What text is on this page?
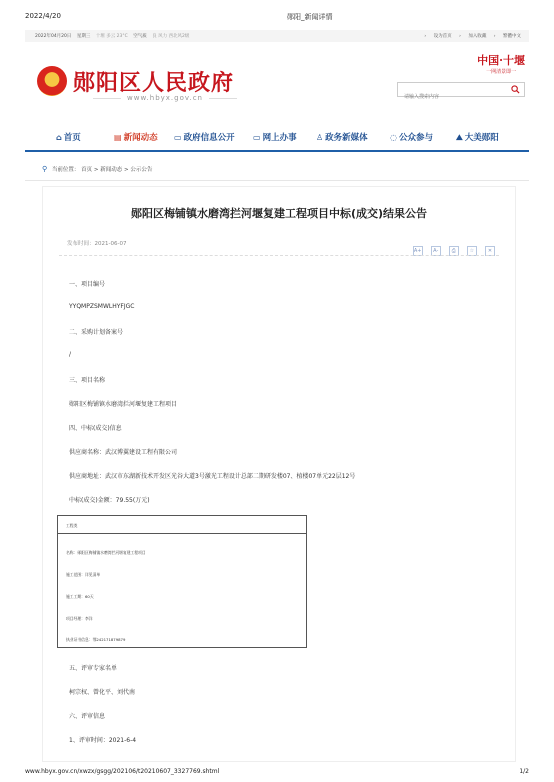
2022/4/20	郧阳_新闻详情
2022年04月20日 星期三 十堰 多云 23°C 空气质 良 风力 西北风2级	› 设为首页 › 加入收藏 › 繁體中文
郧阳区人民政府
www.hbyx.gov.cn
中国·十堰
一网清景即一
请输入搜索内容
⌂ 首页	▤ 新闻动态 ▭ 政府信息公开 ▭ 网上办事 ♙ 政务新媒体	◌ 公众参与	⛰ 大美郧阳
⚲ 当前位置： 首页 > 新闻动态 > 公示公告
郧阳区梅铺镇水磨湾拦河堰复建工程项目中标(成交)结果公告
发布时间：2021-06-07
A+ A-	⎙	☆	✕
一、项目编号
YYQMPZSMWLHYFJGC
二、采购计划备案号
/
三、项目名称
郧阳区梅铺镇水磨湾拦河堰复建工程项目
四、中标(成交)信息
供应商名称：武汉博翼建设工程有限公司
供应商地址：武汉市东湖新技术开发区光谷大道3号激光工程设计总部二期研发楼07、植楼07单元22层12号
中标(成交)金额：79.55(万元)
工程类
名称：郧阳区梅铺镇水磨湾拦河堰复建工程项目
施工范围：详见清单
施工工期：60天
项目经理：李洋
执业证书信息：鄂242171879879
五、评审专家名单
柯宗权、曾化平、刘代南
六、评审信息
1、评审时间：2021-6-4
www.hbyx.gov.cn/xwzx/gsgg/202106/t20210607_3327769.shtml	1/2
